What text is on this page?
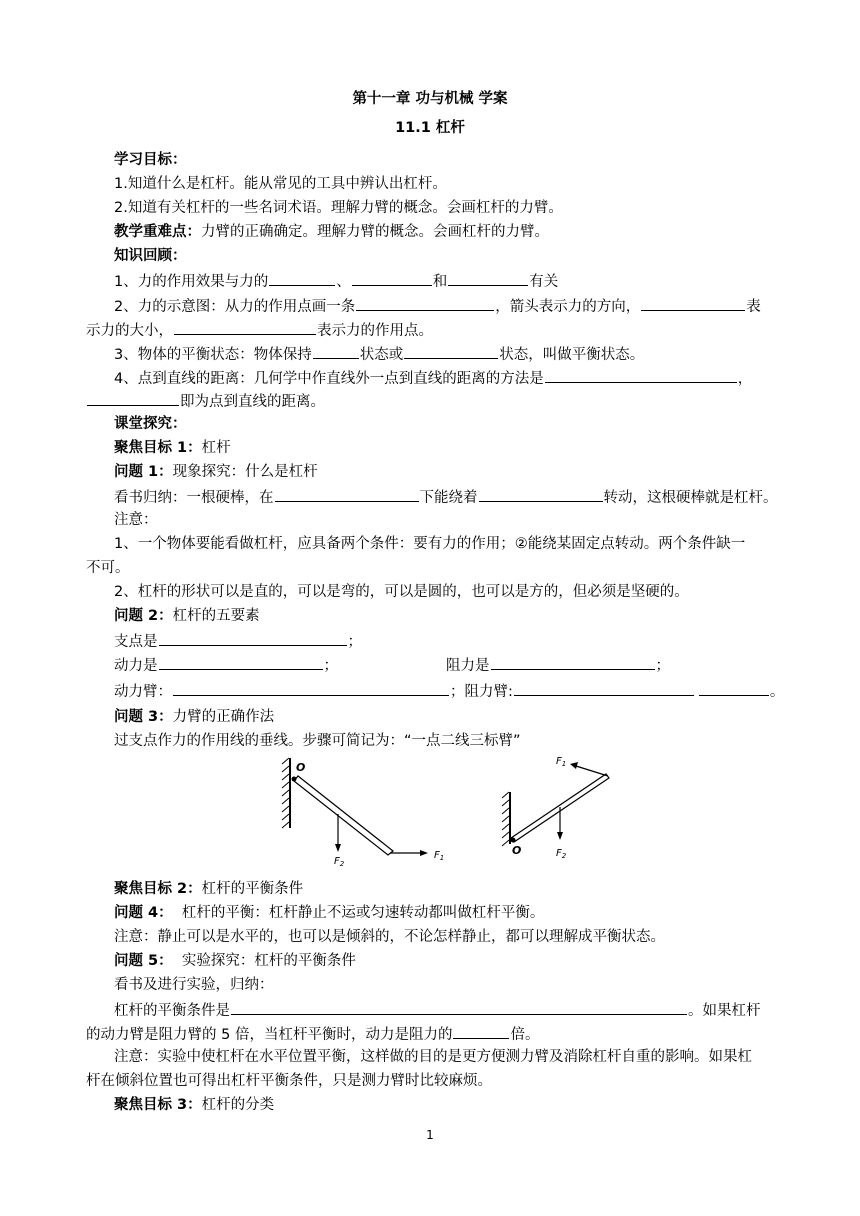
第十一章 功与机械 学案
11.1 杠杆
学习目标：
1.知道什么是杠杆。能从常见的工具中辨认出杠杆。
2.知道有关杠杆的一些名词术语。理解力臂的概念。会画杠杆的力臂。
教学重难点：力臂的正确确定。理解力臂的概念。会画杠杆的力臂。
知识回顾：
1、力的作用效果与力的	、	和	有关
2、力的示意图：从力的作用点画一条	，箭头表示力的方向，	表
示力的大小，	表示力的作用点。
3、物体的平衡状态：物体保持	状态或	状态，叫做平衡状态。
4、点到直线的距离：几何学中作直线外一点到直线的距离的方法是	，
即为点到直线的距离。
课堂探究：
聚焦目标 1：杠杆
问题 1：现象探究：什么是杠杆
看书归纳：一根硬棒，在	下能绕着	转动，这根硬棒就是杠杆。
注意：
1、一个物体要能看做杠杆，应具备两个条件：要有力的作用；②能绕某固定点转动。两个条件缺一
不可。
2、杠杆的形状可以是直的，可以是弯的，可以是圆的，也可以是方的，但必须是坚硬的。
问题 2：杠杆的五要素
支点是	；
动力是	；	阻力是	；
动力臂：	；阻力臂:	。
问题 3：力臂的正确作法
过支点作力的作用线的垂线。步骤可简记为：“一点二线三标臂”
O
$F_2$
$F_1$
O	$F_2$
$F_1$
聚焦目标 2：杠杆的平衡条件
问题 4：  杠杆的平衡：杠杆静止不运或匀速转动都叫做杠杆平衡。
注意：静止可以是水平的，也可以是倾斜的，不论怎样静止，都可以理解成平衡状态。
问题 5：  实验探究：杠杆的平衡条件
看书及进行实验，归纳：
杠杆的平衡条件是	。如果杠杆
的动力臂是阻力臂的 5 倍，当杠杆平衡时，动力是阻力的	倍。
注意：实验中使杠杆在水平位置平衡，这样做的目的是更方便测力臂及消除杠杆自重的影响。如果杠
杆在倾斜位置也可得出杠杆平衡条件，只是测力臂时比较麻烦。
聚焦目标 3：杠杆的分类
1
